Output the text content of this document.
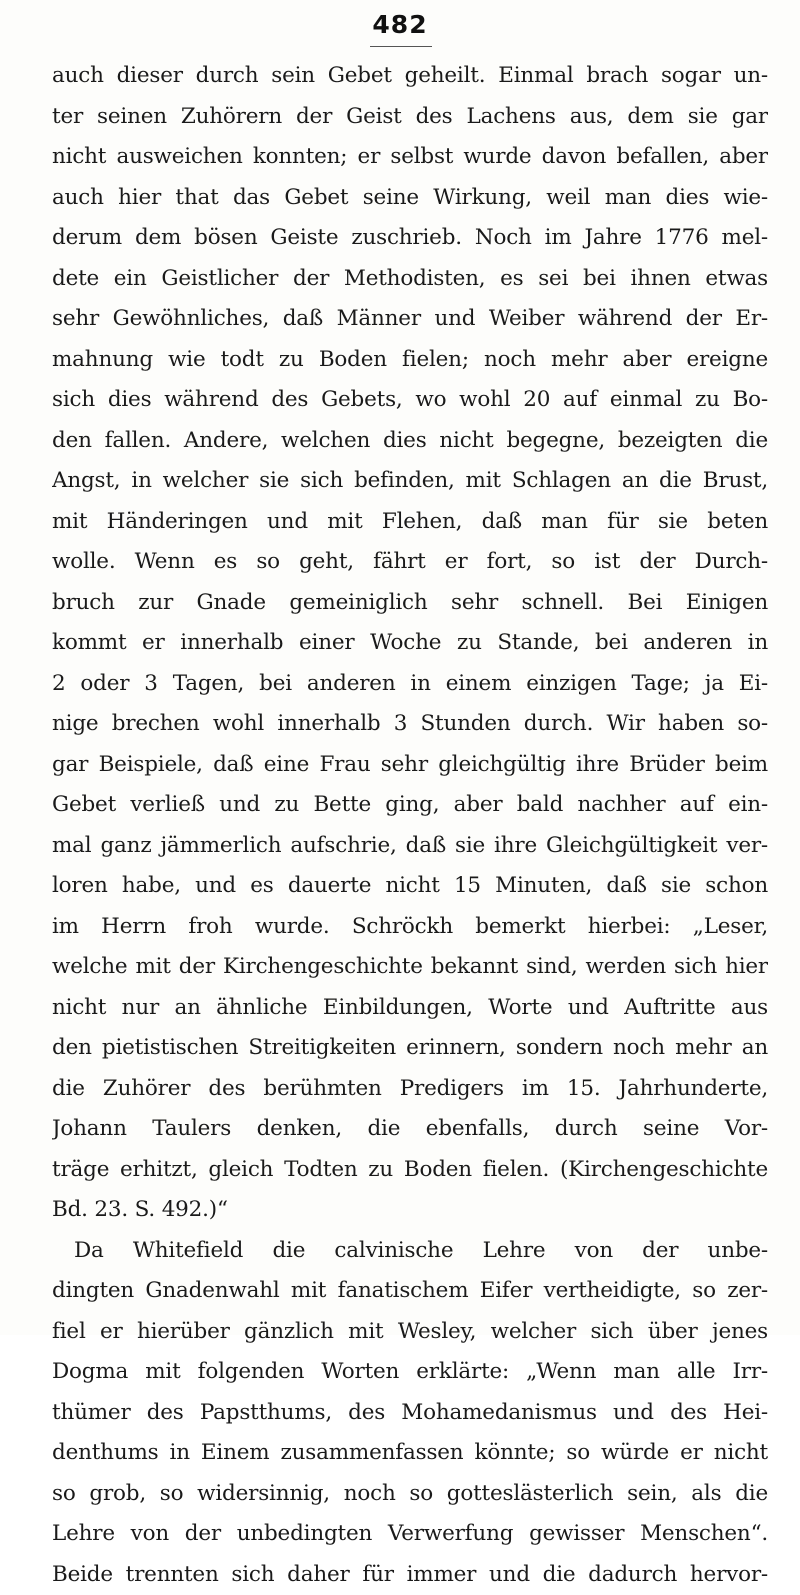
482
auch dieser durch sein Gebet geheilt. Einmal brach sogar un-
ter seinen Zuhörern der Geist des Lachens aus, dem sie gar
nicht ausweichen konnten; er selbst wurde davon befallen, aber
auch hier that das Gebet seine Wirkung, weil man dies wie-
derum dem bösen Geiste zuschrieb. Noch im Jahre 1776 mel-
dete ein Geistlicher der Methodisten, es sei bei ihnen etwas
sehr Gewöhnliches, daß Männer und Weiber während der Er-
mahnung wie todt zu Boden fielen; noch mehr aber ereigne
sich dies während des Gebets, wo wohl 20 auf einmal zu Bo-
den fallen. Andere, welchen dies nicht begegne, bezeigten die
Angst, in welcher sie sich befinden, mit Schlagen an die Brust,
mit Händeringen und mit Flehen, daß man für sie beten
wolle. Wenn es so geht, fährt er fort, so ist der Durch-
bruch zur Gnade gemeiniglich sehr schnell. Bei Einigen
kommt er innerhalb einer Woche zu Stande, bei anderen in
2 oder 3 Tagen, bei anderen in einem einzigen Tage; ja Ei-
nige brechen wohl innerhalb 3 Stunden durch. Wir haben so-
gar Beispiele, daß eine Frau sehr gleichgültig ihre Brüder beim
Gebet verließ und zu Bette ging, aber bald nachher auf ein-
mal ganz jämmerlich aufschrie, daß sie ihre Gleichgültigkeit ver-
loren habe, und es dauerte nicht 15 Minuten, daß sie schon
im Herrn froh wurde. Schröckh bemerkt hierbei: „Leser,
welche mit der Kirchengeschichte bekannt sind, werden sich hier
nicht nur an ähnliche Einbildungen, Worte und Auftritte aus
den pietistischen Streitigkeiten erinnern, sondern noch mehr an
die Zuhörer des berühmten Predigers im 15. Jahrhunderte,
Johann Taulers denken, die ebenfalls, durch seine Vor-
träge erhitzt, gleich Todten zu Boden fielen. (Kirchengeschichte
Bd. 23. S. 492.)“
Da Whitefield die calvinische Lehre von der unbe-
dingten Gnadenwahl mit fanatischem Eifer vertheidigte, so zer-
fiel er hierüber gänzlich mit Wesley, welcher sich über jenes
Dogma mit folgenden Worten erklärte: „Wenn man alle Irr-
thümer des Papstthums, des Mohamedanismus und des Hei-
denthums in Einem zusammenfassen könnte; so würde er nicht
so grob, so widersinnig, noch so gotteslästerlich sein, als die
Lehre von der unbedingten Verwerfung gewisser Menschen“.
Beide trennten sich daher für immer und die dadurch hervor-
